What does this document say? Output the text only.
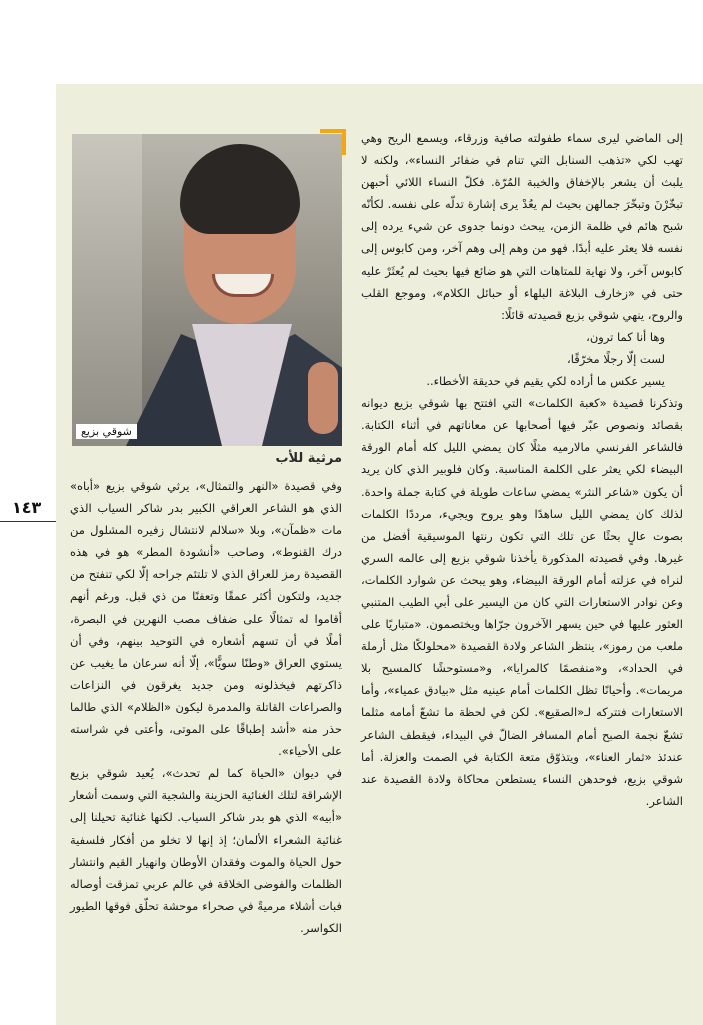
شوقي بزيع

إلى الماضي ليرى سماء طفولته صافية وزرقاء، ويسمع الريح وهي تهب لكي «تذهب السنابل التي تنام في ضفائر النساء»، ولكنه لا يلبث أن يشعر بالإخفاق والخيبة المُرّة. فكلّ النساء اللائي أحبهن تبخّرْنَ وتبخّرَ جمالهن بحيث لم يعُدْ يرى إشارة تدلّه على نفسه. لكأنّه شبح هائم في ظلمة الزمن، يبحث دونما جدوى عن شيء يرده إلى نفسه فلا يعثر عليه أبدًا. فهو من وهم إلى وهم آخر، ومن كابوس إلى كابوس آخر، ولا نهاية للمتاهات التي هو ضائع فيها بحيث لم يُعثَرْ عليه حتى في «زخارف البلاغة البلهاء أو حبائل الكلام»، وموجع القلب والروح، ينهي شوقي بزيع قصيدته قائلًا:

وها أنا كما ترون،

لست إلّا رجلًا مخرّقًا،

يسير عكس ما أراده لكي يقيم في حديقة الأخطاء..

وتذكرنا قصيدة «كعبة الكلمات» التي افتتح بها شوقي بزيع ديوانه بقصائد ونصوص عبّر فيها أصحابها عن معاناتهم في أثناء الكتابة. فالشاعر الفرنسي مالارميه مثلًا كان يمضي الليل كله أمام الورقة البيضاء لكي يعثر على الكلمة المناسبة. وكان فلوبير الذي كان يريد أن يكون «شاعر النثر» يمضي ساعات طويلة في كتابة جملة واحدة. لذلك كان يمضي الليل ساهدًا وهو يروح ويجيء، مرددًا الكلمات بصوت عالٍ بحثًا عن تلك التي تكون رنتها الموسيقية أفضل من غيرها. وفي قصيدته المذكورة يأخذنا شوقي بزيع إلى عالمه السري لنراه في عزلته أمام الورقة البيضاء، وهو يبحث عن شوارد الكلمات، وعن نوادر الاستعارات التي كان من اليسير على أبي الطيب المتنبي العثور عليها في حين يسهر الآخرون جرّاها ويختصمون. «متباريًا على ملعب من رموز»، ينتظر الشاعر ولادة القصيدة «محلولكًا مثل أرملة في الحداد»، و«منفصمًا كالمرايا»، و«مستوحشًا كالمسيح بلا مريمات». وأحيانًا تظل الكلمات أمام عينيه مثل «بيادق عمياء»، وأما الاستعارات فتتركه لـ«الصقيع». لكن في لحظة ما تشعّ أمامه مثلما تشعّ نجمة الصبح أمام المسافر الضالّ في البيداء، فيقطف الشاعر عندئذ «ثمار العناء»، ويتذوّق متعة الكتابة في الصمت والعزلة. أما شوقي بزيع، فوحدهن النساء يستطعن محاكاة ولادة القصيدة عند الشاعر.

مرثية للأب

وفي قصيدة «النهر والتمثال»، يرثي شوقي بزيع «أباه» الذي هو الشاعر العراقي الكبير بدر شاكر السياب الذي مات «ظمآن»، وبلا «سلالم لانتشال زفيره المشلول من درك القنوط»، وصاحب «أنشودة المطر» هو في هذه القصيدة رمز للعراق الذي لا تلتئم جراحه إلّا لكي تنفتح من جديد، ولتكون أكثر عمقًا وتعفنًا من ذي قبل. ورغم أنهم أقاموا له تمثالًا على ضفاف مصب النهرين في البصرة، أملًا في أن تسهم أشعاره في التوحيد بينهم، وفي أن يستوي العراق «وطنًا سويًّا»، إلّا أنه سرعان ما يغيب عن ذاكرتهم فيخذلونه ومن جديد يغرقون في النزاعات والصراعات القاتلة والمدمرة ليكون «الظلام» الذي طالما حذر منه «أشد إطباقًا على الموتى، وأعتى في شراسته على الأحياء».

في ديوان «الحياة كما لم تحدث»، يُعيد شوقي بزيع الإشراقة لتلك الغنائية الحزينة والشجية التي وسمت أشعار «أبيه» الذي هو بدر شاكر السياب. لكنها غنائية تحيلنا إلى غنائية الشعراء الألمان؛ إذ إنها لا تخلو من أفكار فلسفية حول الحياة والموت وفقدان الأوطان وانهيار القيم وانتشار الظلمات والفوضى الخلاقة في عالم عربي تمزقت أوصاله فبات أشلاء مرميةً في صحراء موحشة تحلّق فوقها الطيور الكواسر.

١٤٣
